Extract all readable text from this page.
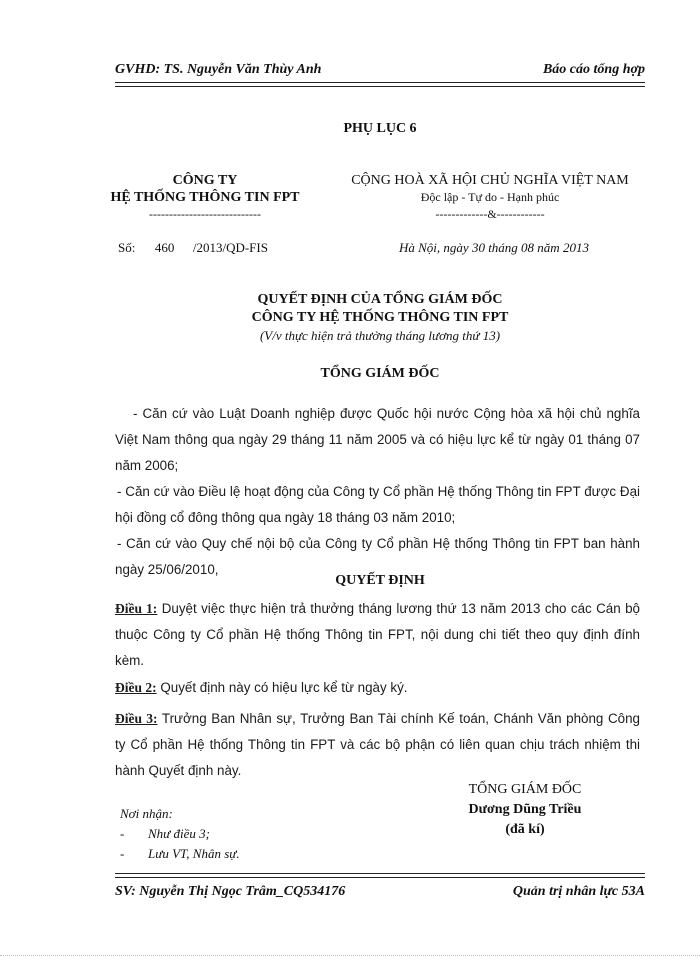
GVHD: TS. Nguyễn Văn Thùy Anh	Báo cáo tổng hợp
PHỤ LỤC 6
CÔNG TY
HỆ THỐNG THÔNG TIN FPT
----------------------------
CỘNG HOÀ XÃ HỘI CHỦ NGHĨA VIỆT NAM
Độc lập - Tự do - Hạnh phúc
-------------&------------
Số: 460 /2013/QD-FIS	Hà Nội, ngày 30 tháng 08 năm 2013
QUYẾT ĐỊNH CỦA TỔNG GIÁM ĐỐC
CÔNG TY HỆ THỐNG THÔNG TIN FPT
(V/v thực hiện trả thưởng tháng lương thứ 13)
TỔNG GIÁM ĐỐC
- Căn cứ vào Luật Doanh nghiệp được Quốc hội nước Cộng hòa xã hội chủ nghĩa Việt Nam thông qua ngày 29 tháng 11 năm 2005 và có hiệu lực kể từ ngày 01 tháng 07 năm 2006;
- Căn cứ vào Điều lệ hoạt động của Công ty Cổ phần Hệ thống Thông tin FPT được Đại hội đồng cổ đông thông qua ngày 18 tháng 03 năm 2010;
- Căn cứ vào Quy chế nội bộ của Công ty Cổ phần Hệ thống Thông tin FPT ban hành ngày 25/06/2010,
QUYẾT ĐỊNH
Điều 1: Duyệt việc thực hiện trả thưởng tháng lương thứ 13 năm 2013 cho các Cán bộ thuộc Công ty Cổ phần Hệ thống Thông tin FPT, nội dung chi tiết theo quy định đính kèm.
Điều 2: Quyết định này có hiệu lực kể từ ngày ký.
Điều 3: Trưởng Ban Nhân sự, Trưởng Ban Tài chính Kế toán, Chánh Văn phòng Công ty Cổ phần Hệ thống Thông tin FPT và các bộ phận có liên quan chịu trách nhiệm thi hành Quyết định này.
TỔNG GIÁM ĐỐC
Dương Dũng Triều
(đã kí)
Nơi nhận:
- Như điều 3;
- Lưu VT, Nhân sự.
SV: Nguyễn Thị Ngọc Trâm_CQ534176	Quản trị nhân lực 53A
